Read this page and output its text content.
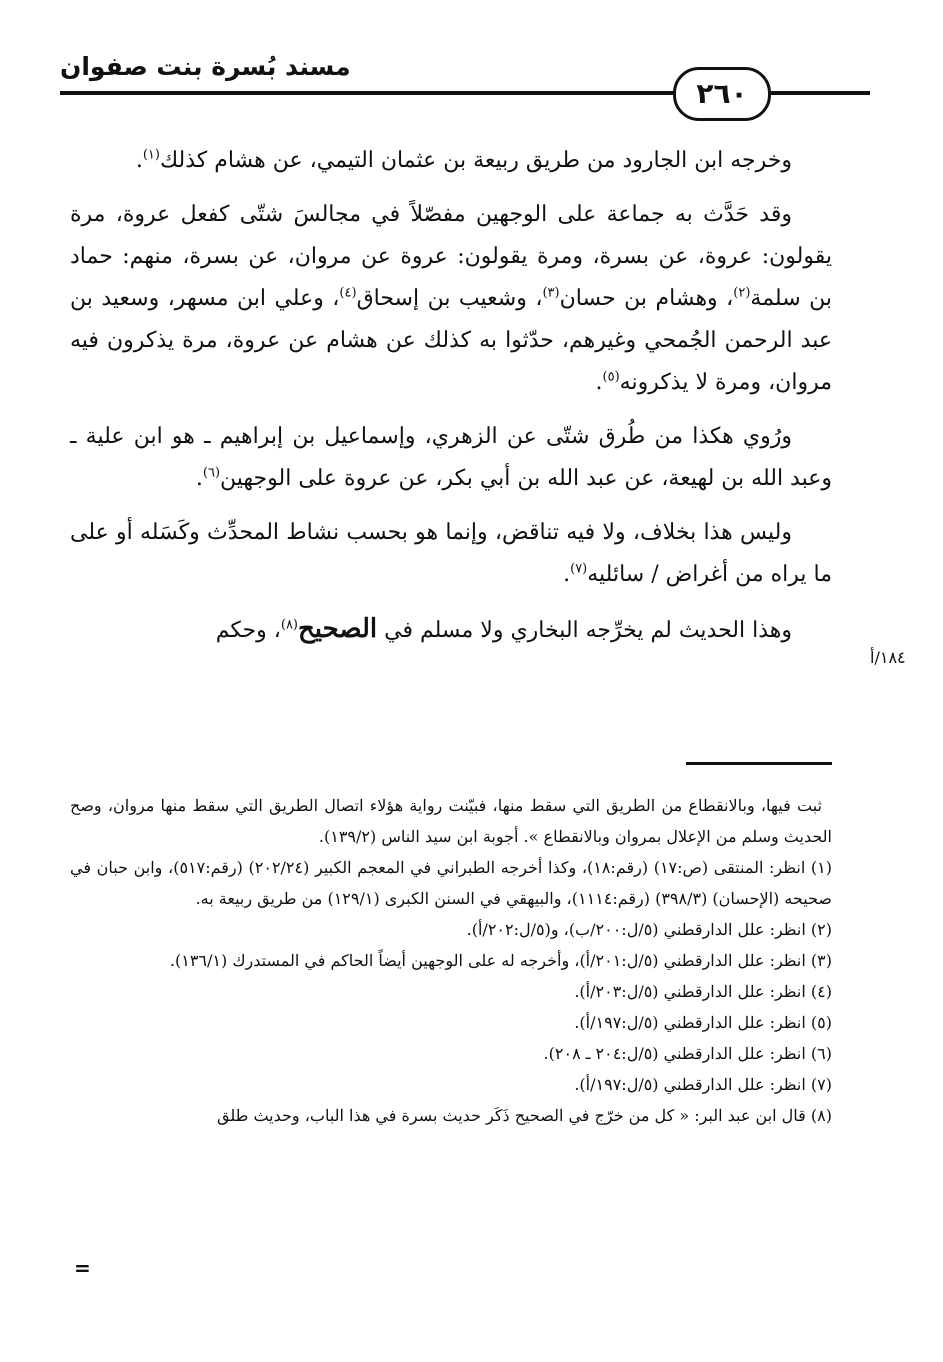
مسند بُسرة بنت صفوان
٢٦٠

وخرجه ابن الجارود من طريق ربيعة بن عثمان التيمي، عن هشام كذلك$^{(١)}$.

وقد حَدَّث به جماعة على الوجهين مفصّلاً في مجالسَ شتّى كفعل عروة، مرة يقولون: عروة، عن بسرة، ومرة يقولون: عروة عن مروان، عن بسرة، منهم: حماد بن سلمة$^{(٢)}$، وهشام بن حسان$^{(٣)}$، وشعيب بن إسحاق$^{(٤)}$، وعلي ابن مسهر، وسعيد بن عبد الرحمن الجُمحي وغيرهم، حدّثوا به كذلك عن هشام عن عروة، مرة يذكرون فيه مروان، ومرة لا يذكرونه$^{(٥)}$.

ورُوي هكذا من طُرق شتّى عن الزهري، وإسماعيل بن إبراهيم ـ هو ابن علية ـ وعبد الله بن لهيعة، عن عبد الله بن أبي بكر، عن عروة على الوجهين$^{(٦)}$.

وليس هذا بخلاف، ولا فيه تناقض، وإنما هو بحسب نشاط المحدِّث وكَسَله أو على ما يراه من أغراض / سائليه$^{(٧)}$.

وهذا الحديث لم يخرِّجه البخاري ولا مسلم في الصحيح$^{(٨)}$، وحكم

١٨٤/أ

ثبت فيها، وبالانقطاع من الطريق التي سقط منها، فبيّنت رواية هؤلاء اتصال الطريق التي سقط منها مروان، وصح الحديث وسلم من الإعلال بمروان وبالانقطاع ». أجوبة ابن سيد الناس (١٣٩/٢).

(١) انظر: المنتقى (ص:١٧) (رقم:١٨)، وكذا أخرجه الطبراني في المعجم الكبير (٢٠٢/٢٤) (رقم:٥١٧)، وابن حبان في صحيحه (الإحسان) (٣٩٨/٣) (رقم:١١١٤)، والبيهقي في السنن الكبرى (١٢٩/١) من طريق ربيعة به.

(٢) انظر: علل الدارقطني (٥/ل:٢٠٠/ب)، و(٥/ل:٢٠٢/أ).

(٣) انظر: علل الدارقطني (٥/ل:٢٠١/أ)، وأخرجه له على الوجهين أيضاً الحاكم في المستدرك (١٣٦/١).

(٤) انظر: علل الدارقطني (٥/ل:٢٠٣/أ).

(٥) انظر: علل الدارقطني (٥/ل:١٩٧/أ).

(٦) انظر: علل الدارقطني (٥/ل:٢٠٤ ـ ٢٠٨).

(٧) انظر: علل الدارقطني (٥/ل:١٩٧/أ).

(٨) قال ابن عبد البر: « كل من خرّج في الصحيح ذَكَر حديث بسرة في هذا الباب، وحديث طلق

=
